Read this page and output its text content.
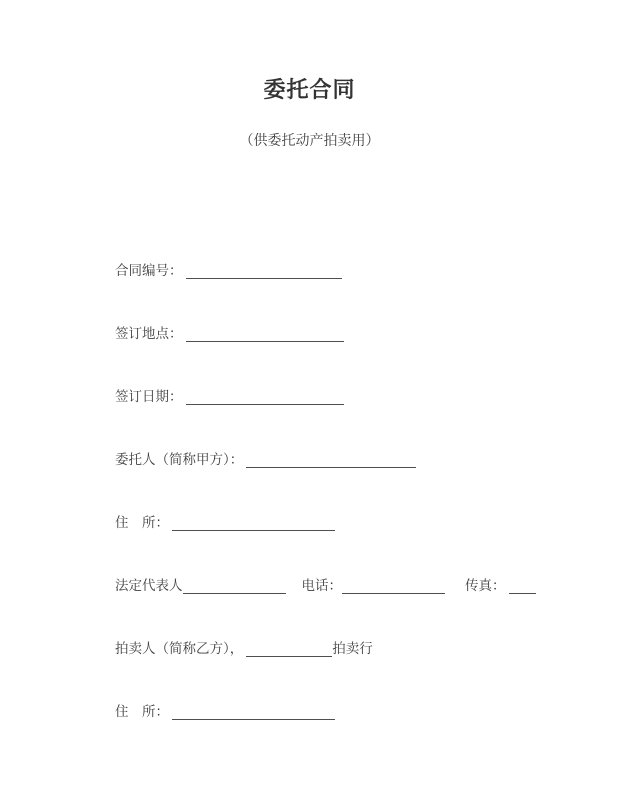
委托合同
（供委托动产拍卖用）
合同编号：
签订地点：
签订日期：
委托人（简称甲方）：
住　所：
法定代表人	电话：	传真：
拍卖人（简称乙方），	拍卖行
住　所：
